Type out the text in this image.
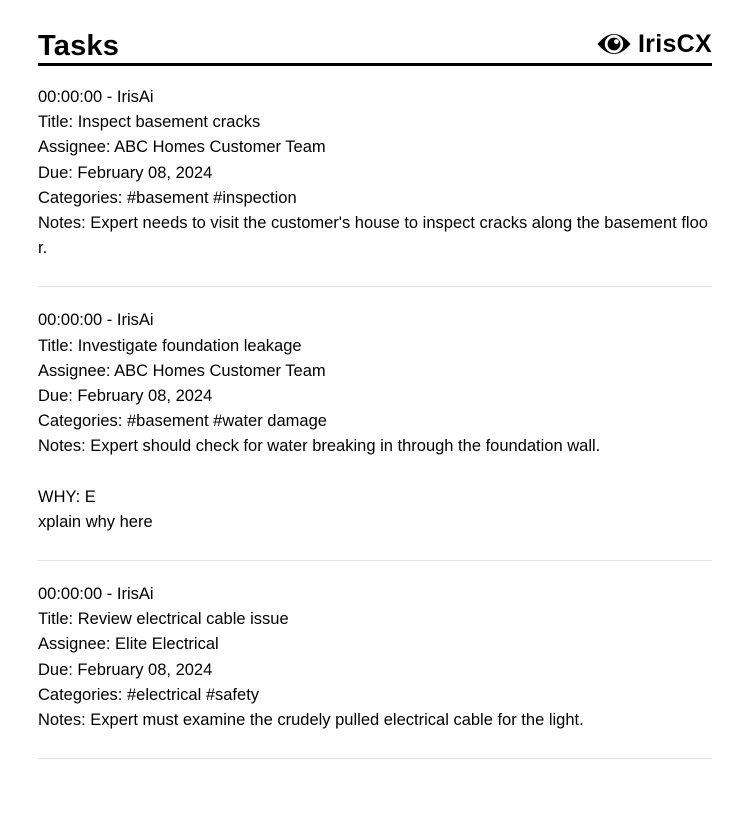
Tasks	IrisCX
00:00:00 - IrisAi
Title: Inspect basement cracks
Assignee: ABC Homes Customer Team
Due: February 08, 2024
Categories: #basement #inspection
Notes: Expert needs to visit the customer's house to inspect cracks along the basement floor.
00:00:00 - IrisAi
Title: Investigate foundation leakage
Assignee: ABC Homes Customer Team
Due: February 08, 2024
Categories: #basement #water damage
Notes: Expert should check for water breaking in through the foundation wall.
WHY: E
xplain why here
00:00:00 - IrisAi
Title: Review electrical cable issue
Assignee: Elite Electrical
Due: February 08, 2024
Categories: #electrical #safety
Notes: Expert must examine the crudely pulled electrical cable for the light.
